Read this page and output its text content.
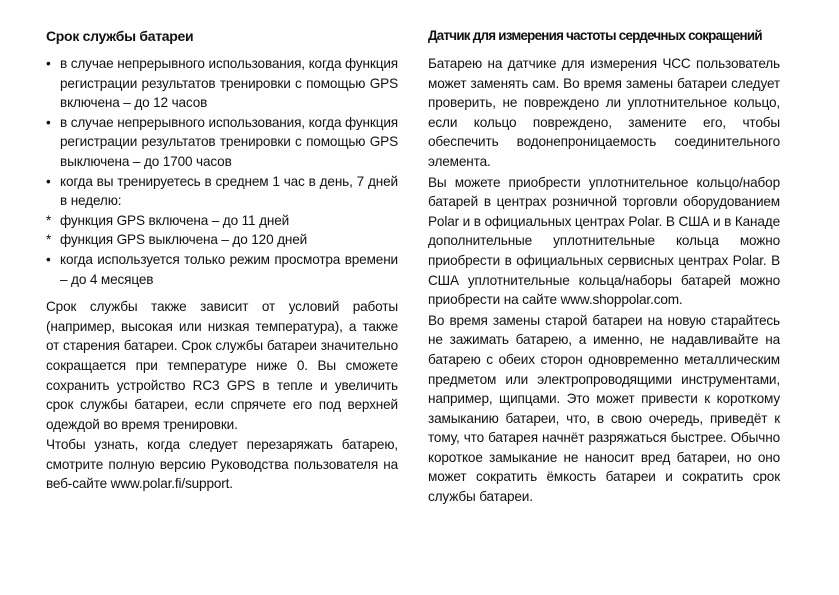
Срок службы батареи
• в случае непрерывного использования, когда функция регистрации результатов тренировки с помощью GPS включена – до 12 часов
• в случае непрерывного использования, когда функция регистрации результатов тренировки с помощью GPS выключена – до 1700 часов
• когда вы тренируетесь в среднем 1 час в день, 7 дней в неделю:
* функция GPS включена – до 11 дней
* функция GPS выключена – до 120 дней
• когда используется только режим просмотра времени – до 4 месяцев

Срок службы также зависит от условий работы (например, высокая или низкая температура), а также от старения батареи. Срок службы батареи значительно сокращается при температуре ниже 0. Вы сможете сохранить устройство RC3 GPS в тепле и увеличить срок службы батареи, если спрячете его под верхней одеждой во время тренировки.

Чтобы узнать, когда следует перезаряжать батарею, смотрите полную версию Руководства пользователя на веб-сайте www.polar.fi/support.

Датчик для измерения частоты сердечных сокращений

Батарею на датчике для измерения ЧСС пользователь может заменять сам. Во время замены батареи следует проверить, не повреждено ли уплотнительное кольцо, если кольцо повреждено, замените его, чтобы обеспечить водонепроницаемость соединительного элемента.

Вы можете приобрести уплотнительное кольцо/набор батарей в центрах розничной торговли оборудованием Polar и в официальных центрах Polar. В США и в Канаде дополнительные уплотнительные кольца можно приобрести в официальных сервисных центрах Polar. В США уплотнительные кольца/наборы батарей можно приобрести на сайте www.shoppolar.com.

Во время замены старой батареи на новую старайтесь не зажимать батарею, а именно, не надавливайте на батарею с обеих сторон одновременно металлическим предметом или электропроводящими инструментами, например, щипцами. Это может привести к короткому замыканию батареи, что, в свою очередь, приведёт к тому, что батарея начнёт разряжаться быстрее. Обычно короткое замыкание не наносит вред батареи, но оно может сократить ёмкость батареи и сократить срок службы батареи.
